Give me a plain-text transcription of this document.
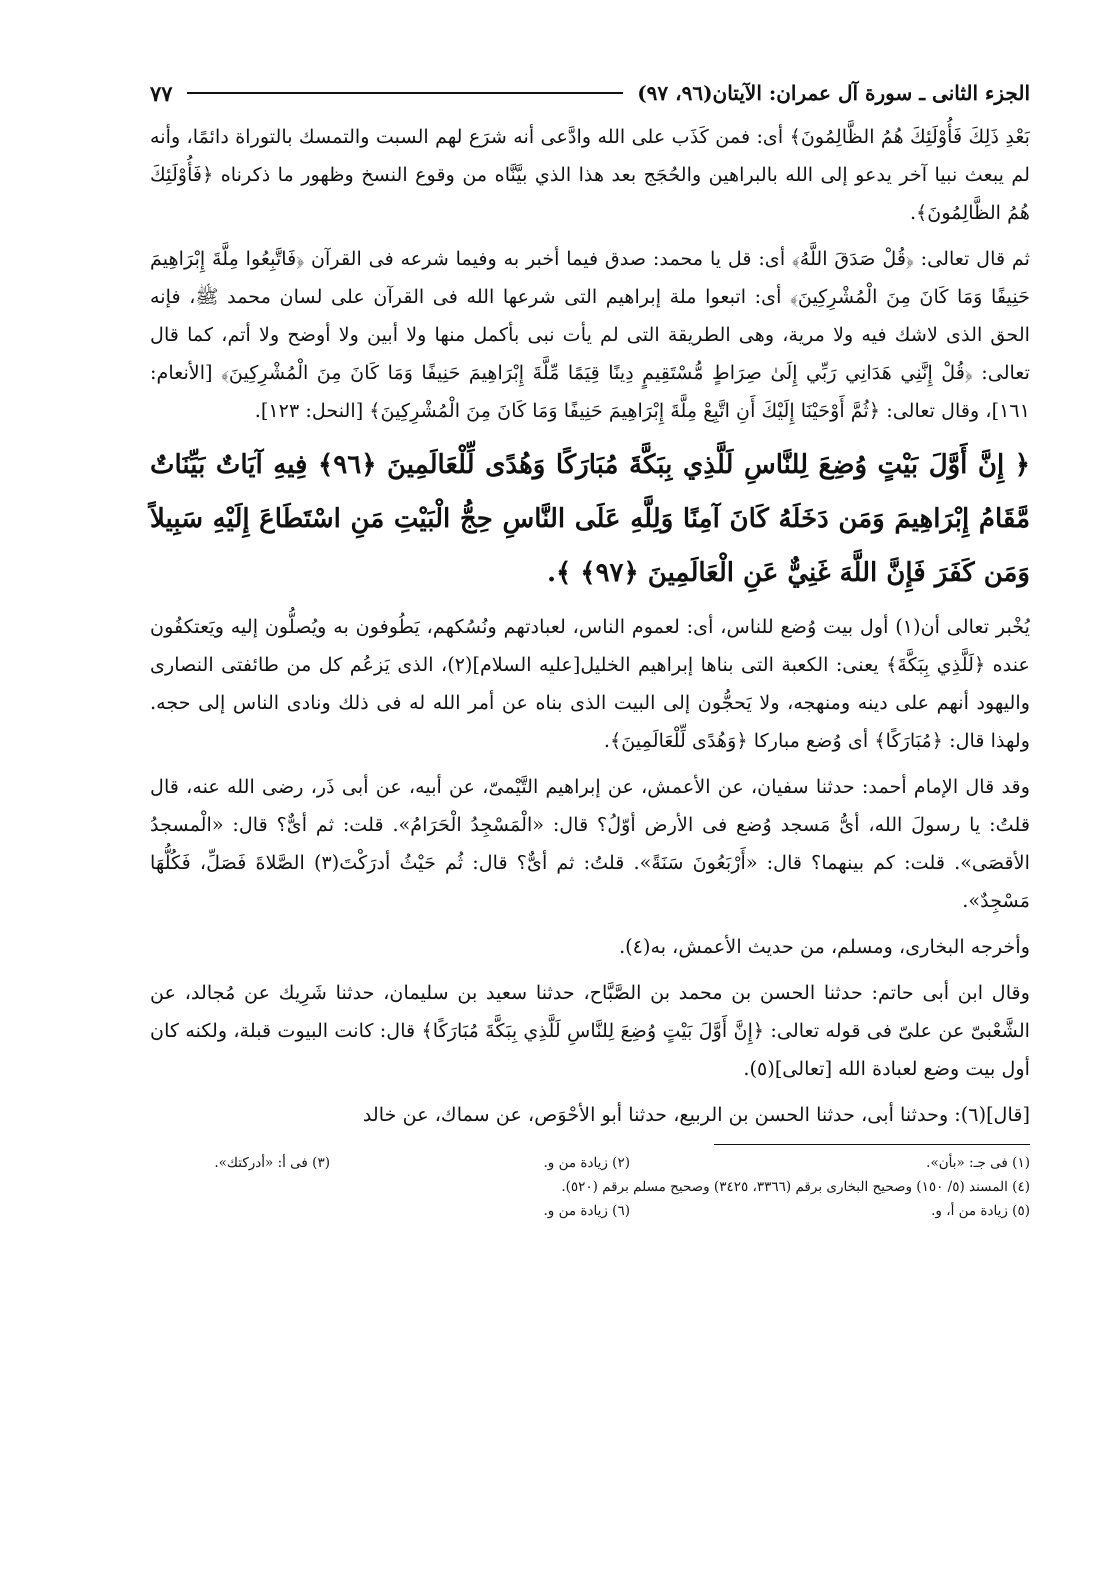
الجزء الثانى ـ سورة آل عمران: الآيتان(٩٦، ٩٧)
٧٧

بَعْدِ ذَلِكَ فَأُوْلَئِكَ هُمُ الظَّالِمُونَ﴾ أى: فمن كَذَب على الله وادَّعى أنه شرَع لهم السبت والتمسك بالتوراة دائمًا، وأنه لم يبعث نبيا آخر يدعو إلى الله بالبراهين والحُجَج بعد هذا الذي بيَّنَّاه من وقوع النسخ وظهور ما ذكرناه ﴿فَأُوْلَئِكَ هُمُ الظَّالِمُونَ﴾.

ثم قال تعالى: ﴿قُلْ صَدَقَ اللَّهُ﴾ أى: قل يا محمد: صدق فيما أخبر به وفيما شرعه فى القرآن ﴿فَاتَّبِعُوا مِلَّةَ إِبْرَاهِيمَ حَنِيفًا وَمَا كَانَ مِنَ الْمُشْرِكِينَ﴾ أى: اتبعوا ملة إبراهيم التى شرعها الله فى القرآن على لسان محمد ﷺ، فإنه الحق الذى لاشك فيه ولا مرية، وهى الطريقة التى لم يأت نبى بأكمل منها ولا أبين ولا أوضح ولا أتم، كما قال تعالى: ﴿قُلْ إِنَّنِي هَدَانِي رَبِّي إِلَىٰ صِرَاطٍ مُّسْتَقِيمٍ دِينًا قِيَمًا مِّلَّةَ إِبْرَاهِيمَ حَنِيفًا وَمَا كَانَ مِنَ الْمُشْرِكِينَ﴾ [الأنعام: ١٦١]، وقال تعالى: ﴿ثُمَّ أَوْحَيْنَا إِلَيْكَ أَنِ اتَّبِعْ مِلَّةَ إِبْرَاهِيمَ حَنِيفًا وَمَا كَانَ مِنَ الْمُشْرِكِينَ﴾ [النحل: ١٢٣].

﴿ إِنَّ أَوَّلَ بَيْتٍ وُضِعَ لِلنَّاسِ لَلَّذِي بِبَكَّةَ مُبَارَكًا وَهُدًى لِّلْعَالَمِينَ ﴿٩٦﴾ فِيهِ آيَاتٌ بَيِّنَاتٌ مَّقَامُ إِبْرَاهِيمَ وَمَن دَخَلَهُ كَانَ آمِنًا وَلِلَّهِ عَلَى النَّاسِ حِجُّ الْبَيْتِ مَنِ اسْتَطَاعَ إِلَيْهِ سَبِيلاً وَمَن كَفَرَ فَإِنَّ اللَّهَ غَنِيٌّ عَنِ الْعَالَمِينَ ﴿٩٧﴾ ﴾.

يُخْبر تعالى أن(١) أول بيت وُضع للناس، أى: لعموم الناس، لعبادتهم ونُسُكهم، يَطُوفون به ويُصلُّون إليه ويَعتكفُون عنده ﴿لَلَّذِي بِبَكَّةَ﴾ يعنى: الكعبة التى بناها إبراهيم الخليل[عليه السلام](٢)، الذى يَزعُم كل من طائفتى النصارى واليهود أنهم على دينه ومنهجه، ولا يَحجُّون إلى البيت الذى بناه عن أمر الله له فى ذلك ونادى الناس إلى حجه. ولهذا قال: ﴿مُبَارَكًا﴾ أى وُضع مباركا ﴿وَهُدًى لِّلْعَالَمِينَ﴾.

وقد قال الإمام أحمد: حدثنا سفيان، عن الأعمش، عن إبراهيم التَّيْمىّ، عن أبيه، عن أبى ذَر، رضى الله عنه، قال قلتُ: يا رسولَ الله، أىُّ مَسجد وُضع فى الأرض أوّلُ؟ قال: «الْمَسْجِدُ الْحَرَامُ». قلت: ثم أىٌّ؟ قال: «الْمسجدُ الأقصَى». قلت: كم بينهما؟ قال: «أَرْبَعُونَ سَنَةً». قلتُ: ثم أىٌّ؟ قال: ثُم حَيْثُ أدرَكْتَ(٣) الصَّلاةَ فَصَلِّ، فَكُلُّهَا مَسْجِدٌ».

وأخرجه البخارى، ومسلم، من حديث الأعمش، به(٤).

وقال ابن أبى حاتم: حدثنا الحسن بن محمد بن الصَّبَّاح، حدثنا سعيد بن سليمان، حدثنا شَرِيك عن مُجالد، عن الشَّعْبىّ عن علىّ فى قوله تعالى: ﴿إِنَّ أَوَّلَ بَيْتٍ وُضِعَ لِلنَّاسِ لَلَّذِي بِبَكَّةَ مُبَارَكًا﴾ قال: كانت البيوت قبلة، ولكنه كان أول بيت وضع لعبادة الله [تعالى](٥).

[قال](٦): وحدثنا أبى، حدثنا الحسن بن الربيع، حدثنا أبو الأحْوَص، عن سماك، عن خالد

(١) فى جـ: «بأن».
(٢) زيادة من و.
(٣) فى أ: «أدركتك».
(٤) المسند (٥/ ١٥٠) وصحيح البخارى برقم (٣٣٦٦، ٣٤٢٥) وصحيح مسلم برقم (٥٢٠).
(٥) زيادة من أ، و.
(٦) زيادة من و.
